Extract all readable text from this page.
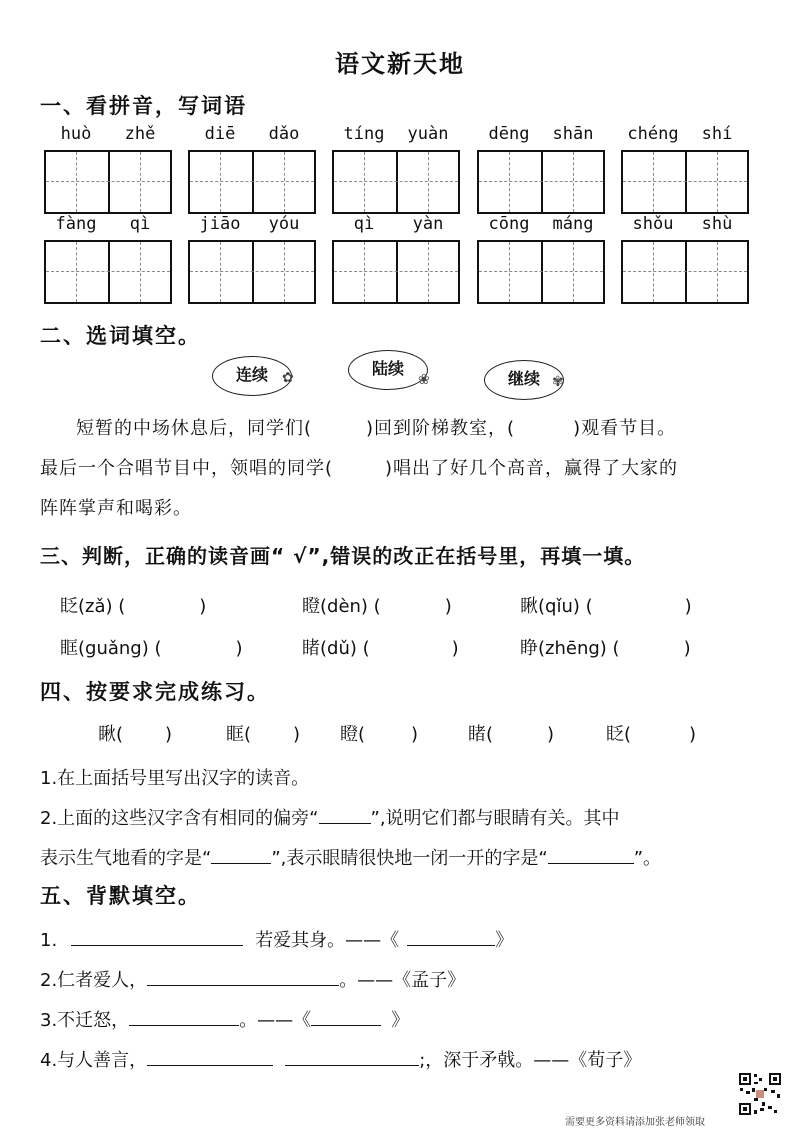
语文新天地
一、看拼音，写词语
huò	zhě	diē	dǎo	tíng	yuàn	dēng	shān	chéng	shí
fàng	qì	jiāo	yóu	qì	yàn	cōng	máng	shǒu	shù
二、选词填空。
连续	✿	陆续
❀	继续 ✾
短暂的中场休息后，同学们(	)回到阶梯教室，(	)观看节目。
最后一个合唱节目中，领唱的同学(	)唱出了好几个高音，赢得了大家的
阵阵掌声和喝彩。
三、判断，正确的读音画“ √”,错误的改正在括号里，再填一填。
眨(zǎ) (	)	瞪(dèn) (	)	瞅(qǐu) (	)
眶(guǎng) (	)	睹(dǔ) (	)	睁(zhēng) (	)
四、按要求完成练习。
瞅( )	眶( ) 瞪(	)	睹(	)	眨(	)
1.在上面括号里写出汉字的读音。
2.上面的这些汉字含有相同的偏旁“	”,说明它们都与眼睛有关。其中
表示生气地看的字是“	”,表示眼睛很快地一闭一开的字是“	”。
五、背默填空。
1.	若爱其身。——《	》
2.仁者爱人，	。——《孟子》
3.不迁怒，	。——《	》
4.与人善言，	;，深于矛戟。——《荀子》
需要更多资料请添加张老师领取
